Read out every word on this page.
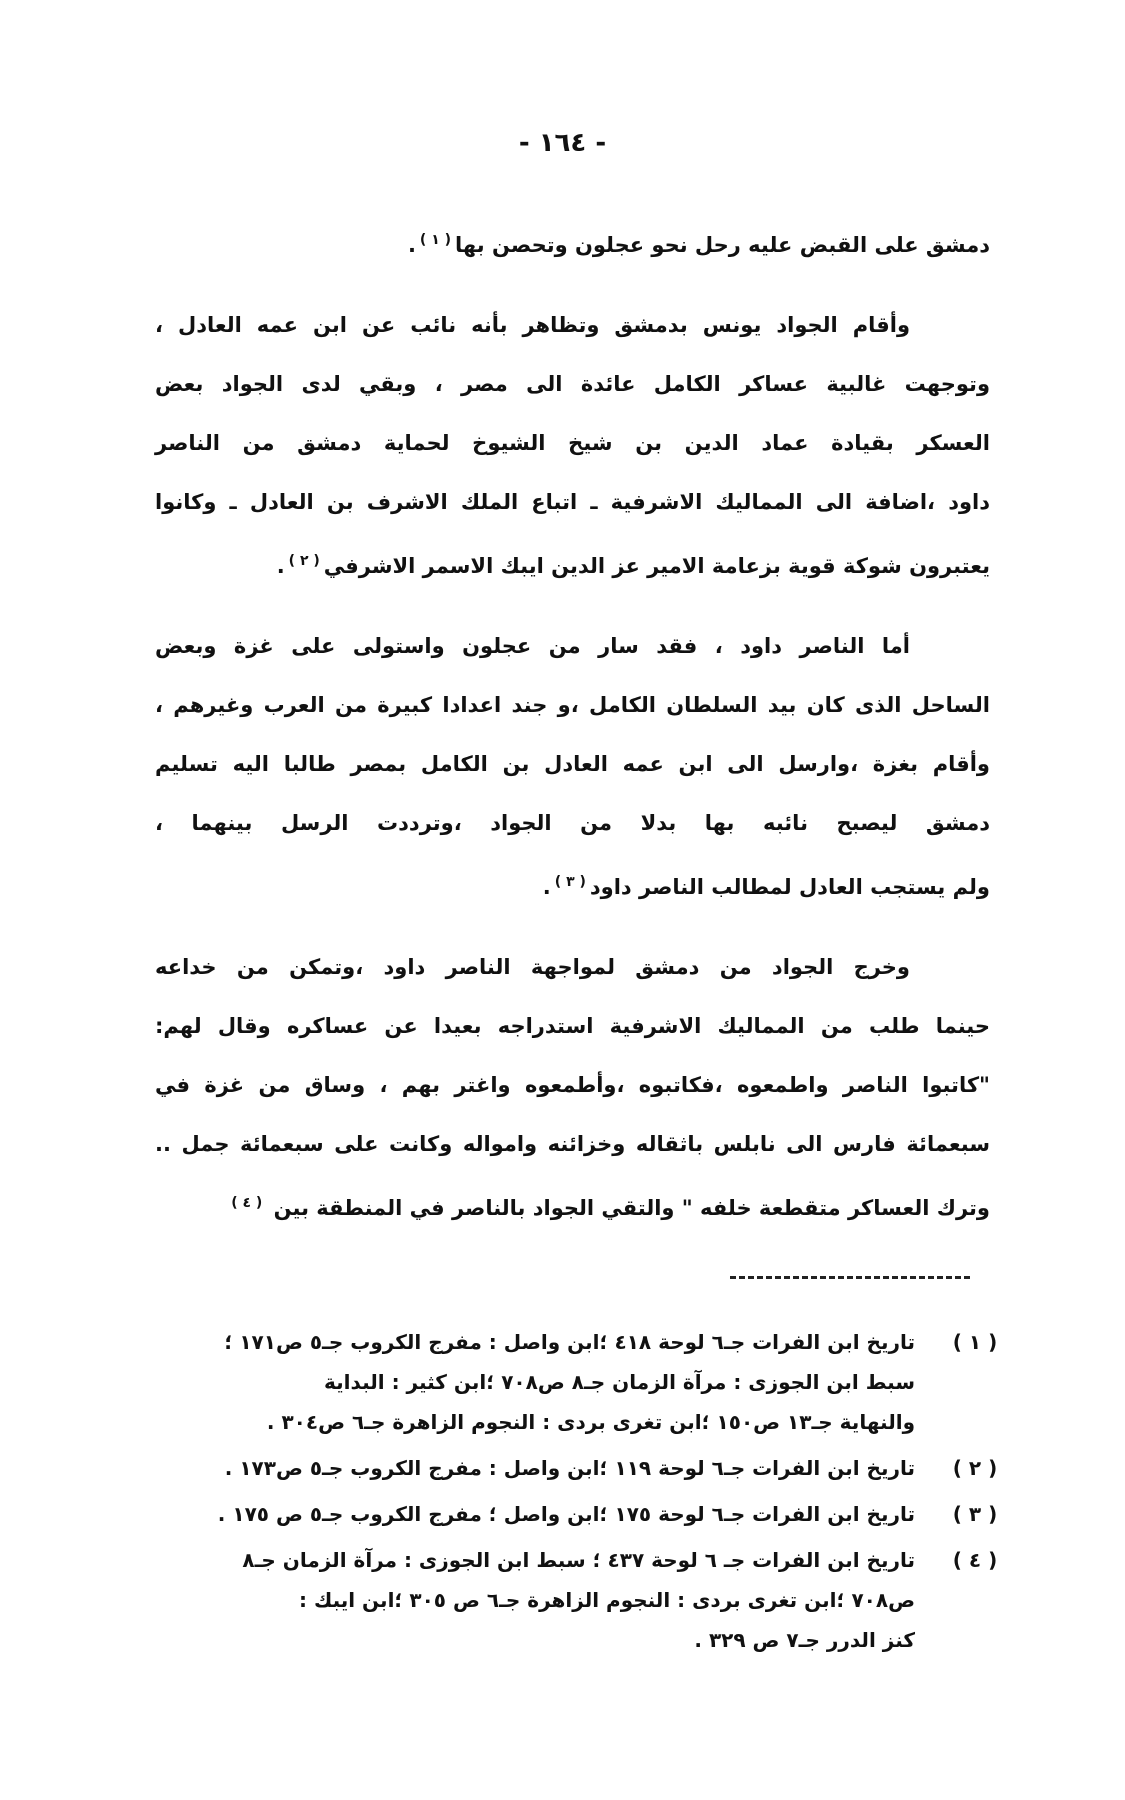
- ١٦٤ -
دمشق على القبض عليه رحل نحو عجلون وتحصن بها$^{( ١ )}$.
وأقام الجواد يونس بدمشق وتظاهر بأنه نائب عن ابن عمه العادل ،
وتوجهت غالبية عساكر الكامل عائدة الى مصر ، وبقي لدى الجواد بعض
العسكر بقيادة عماد الدين بن شيخ الشيوخ لحماية دمشق من الناصر
داود ،اضافة الى المماليك الاشرفية ـ اتباع الملك الاشرف بن العادل ـ وكانوا
يعتبرون شوكة قوية بزعامة الامير عز الدين ايبك الاسمر الاشرفي$^{( ٢ )}$.
أما الناصر داود ، فقد سار من عجلون واستولى على غزة وبعض
الساحل الذى كان بيد السلطان الكامل ،و جند اعدادا كبيرة من العرب وغيرهم ،
وأقام بغزة ،وارسل الى ابن عمه العادل بن الكامل بمصر طالبا اليه تسليم
دمشق ليصبح نائبه بها بدلا من الجواد ،وترددت الرسل بينهما ،
ولم يستجب العادل لمطالب الناصر داود$^{( ٣ )}$.
وخرج الجواد من دمشق لمواجهة الناصر داود ،وتمكن من خداعه
حينما طلب من المماليك الاشرفية استدراجه بعيدا عن عساكره وقال لهم:
"كاتبوا الناصر واطمعوه ،فكاتبوه ،وأطمعوه واغتر بهم ، وساق من غزة في
سبعمائة فارس الى نابلس باثقاله وخزائنه وامواله وكانت على سبعمائة جمل ..
وترك العساكر متقطعة خلفه " والتقي الجواد بالناصر في المنطقة بين $^{( ٤ )}$
( ١ )
تاريخ ابن الفرات جـ٦ لوحة ٤١٨ ؛ابن واصل : مفرج الكروب جـ٥ ص١٧١ ؛
سبط ابن الجوزى : مرآة الزمان جـ٨ ص٧٠٨ ؛ابن كثير : البداية
والنهاية جـ١٣ ص١٥٠ ؛ابن تغرى بردى : النجوم الزاهرة جـ٦ ص٣٠٤ .
( ٢ )
تاريخ ابن الفرات جـ٦ لوحة ١١٩ ؛ابن واصل : مفرج الكروب جـ٥ ص١٧٣ .
( ٣ )
تاريخ ابن الفرات جـ٦ لوحة ١٧٥ ؛ابن واصل ؛ مفرج الكروب جـ٥ ص ١٧٥ .
( ٤ )
تاريخ ابن الفرات جـ ٦ لوحة ٤٣٧ ؛ سبط ابن الجوزى : مرآة الزمان جـ٨
ص٧٠٨ ؛ابن تغرى بردى : النجوم الزاهرة جـ٦ ص ٣٠٥ ؛ابن ايبك :
كنز الدرر جـ٧ ص ٣٢٩ .
